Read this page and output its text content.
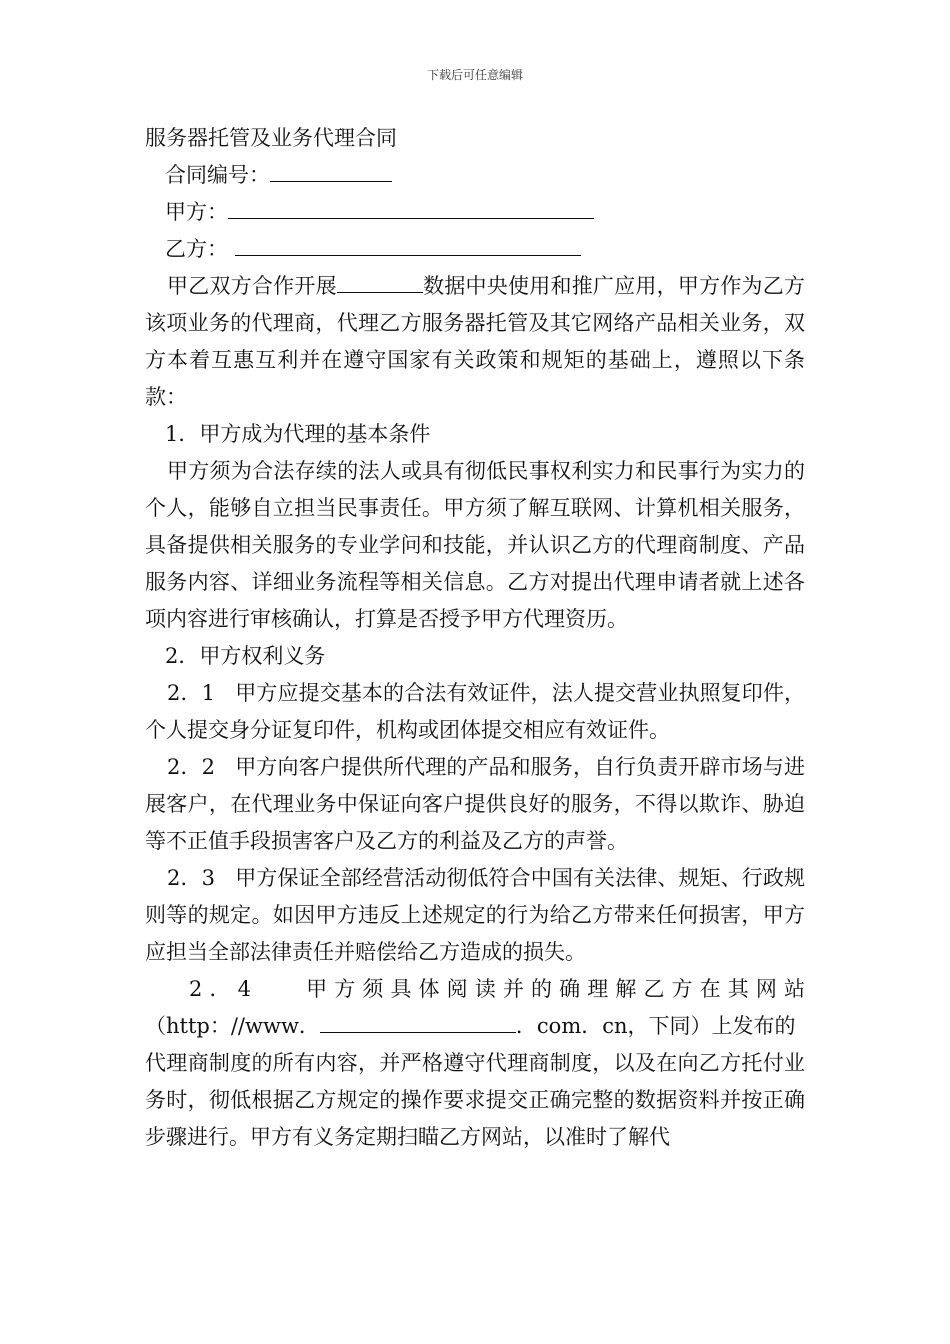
下载后可任意编辑
服务器托管及业务代理合同
合同编号：
甲方：
乙方：

甲乙双方合作开展	数据中央使用和推广应用，甲方作为乙方该项业务的代理商，代理乙方服务器托管及其它网络产品相关业务，双方本着互惠互利并在遵守国家有关政策和规矩的基础上，遵照以下条款：

1．甲方成为代理的基本条件

甲方须为合法存续的法人或具有彻低民事权利实力和民事行为实力的个人，能够自立担当民事责任。甲方须了解互联网、计算机相关服务，具备提供相关服务的专业学问和技能，并认识乙方的代理商制度、产品服务内容、详细业务流程等相关信息。乙方对提出代理申请者就上述各项内容进行审核确认，打算是否授予甲方代理资历。

2．甲方权利义务

2．1 甲方应提交基本的合法有效证件，法人提交营业执照复印件，个人提交身分证复印件，机构或团体提交相应有效证件。

2．2 甲方向客户提供所代理的产品和服务，自行负责开辟市场与进展客户，在代理业务中保证向客户提供良好的服务，不得以欺诈、胁迫等不正值手段损害客户及乙方的利益及乙方的声誉。

2．3 甲方保证全部经营活动彻低符合中国有关法律、规矩、行政规则等的规定。如因甲方违反上述规定的行为给乙方带来任何损害，甲方应担当全部法律责任并赔偿给乙方造成的损失。

2．4	甲方须具体阅读并的确理解乙方在其网站
（http：//www．	．com．cn，下同）上发布的

代理商制度的所有内容，并严格遵守代理商制度，以及在向乙方托付业务时，彻低根据乙方规定的操作要求提交正确完整的数据资料并按正确步骤进行。甲方有义务定期扫瞄乙方网站，以准时了解代
